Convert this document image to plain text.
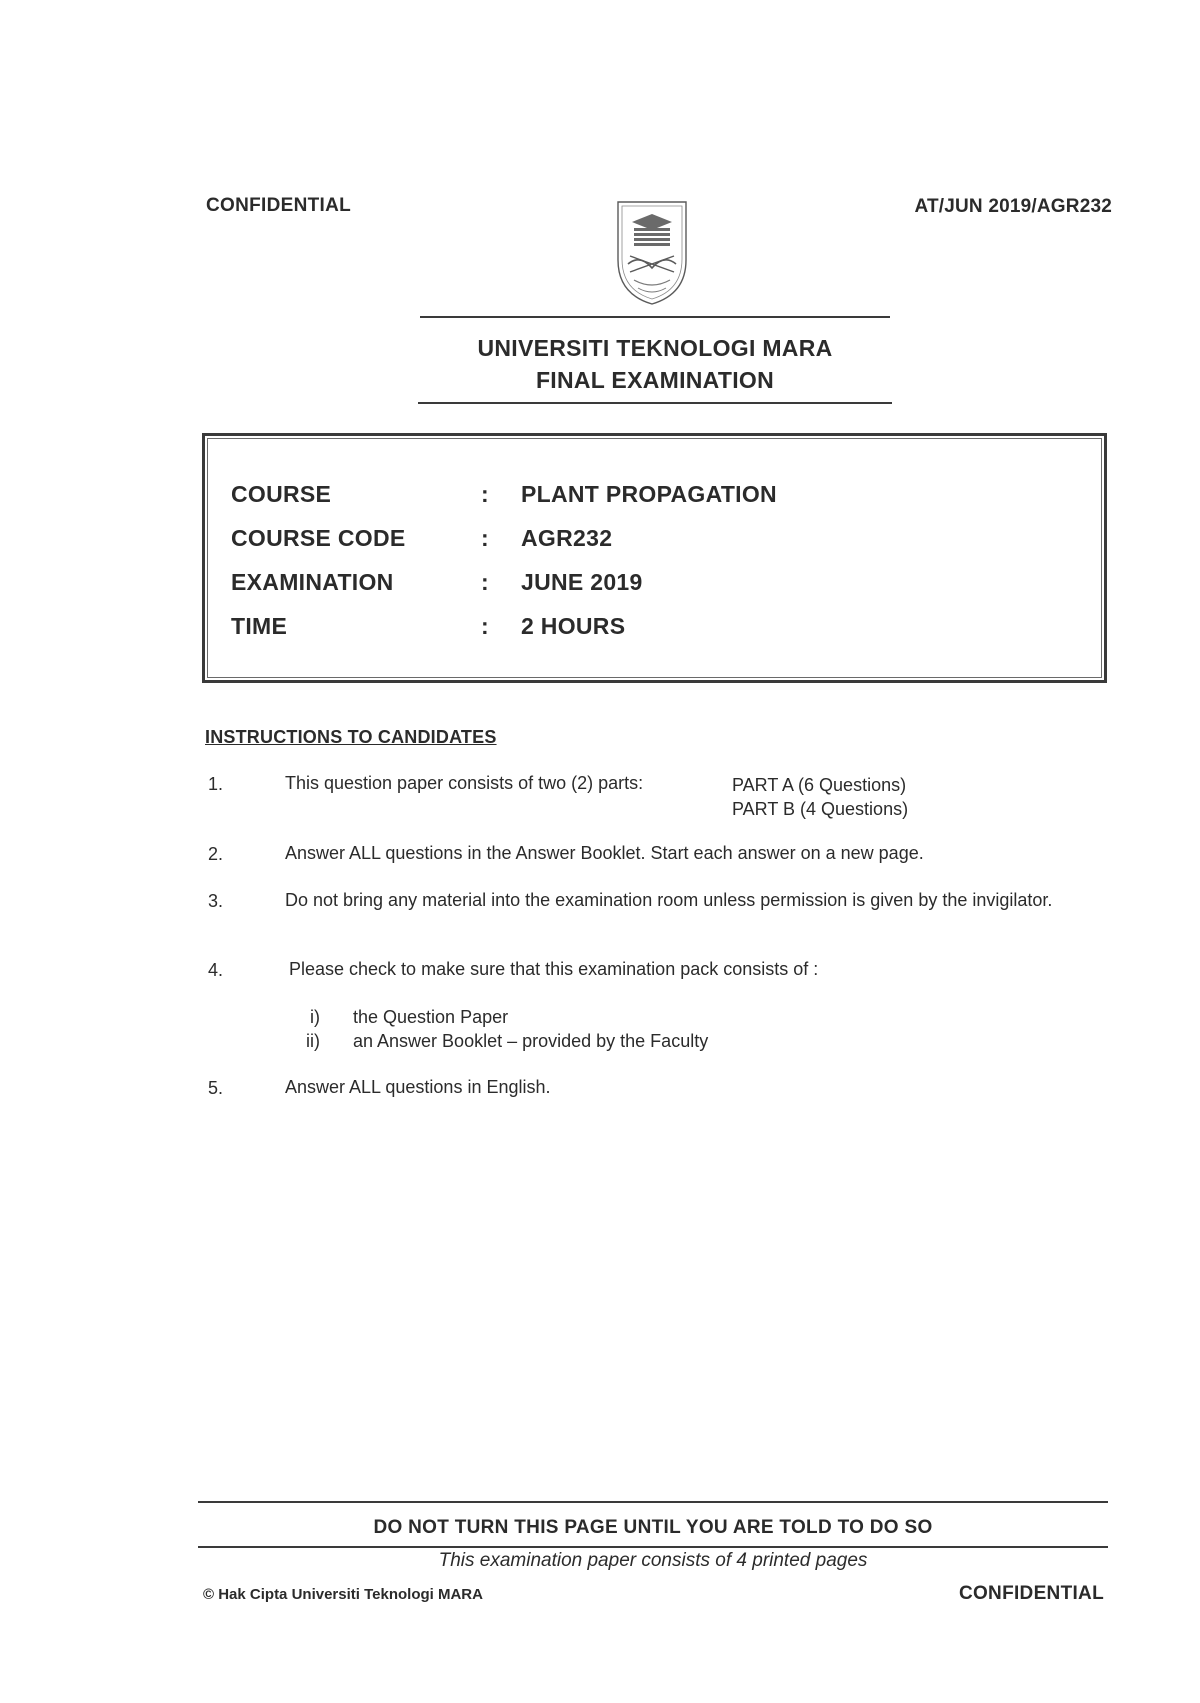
CONFIDENTIAL	AT/JUN 2019/AGR232
UNIVERSITI TEKNOLOGI MARA
FINAL EXAMINATION
COURSE	: PLANT PROPAGATION
COURSE CODE	: AGR232
EXAMINATION	: JUNE 2019
TIME	: 2 HOURS
INSTRUCTIONS TO CANDIDATES
1.	This question paper consists of two (2) parts:	PART A (6 Questions)
PART B (4 Questions)
2.	Answer ALL questions in the Answer Booklet. Start each answer on a new page.
3.	Do not bring any material into the examination room unless permission is given by the invigilator.
4.	Please check to make sure that this examination pack consists of :
i) the Question Paper
ii) an Answer Booklet – provided by the Faculty
5.	Answer ALL questions in English.
DO NOT TURN THIS PAGE UNTIL YOU ARE TOLD TO DO SO
This examination paper consists of 4 printed pages
© Hak Cipta Universiti Teknologi MARA	CONFIDENTIAL
